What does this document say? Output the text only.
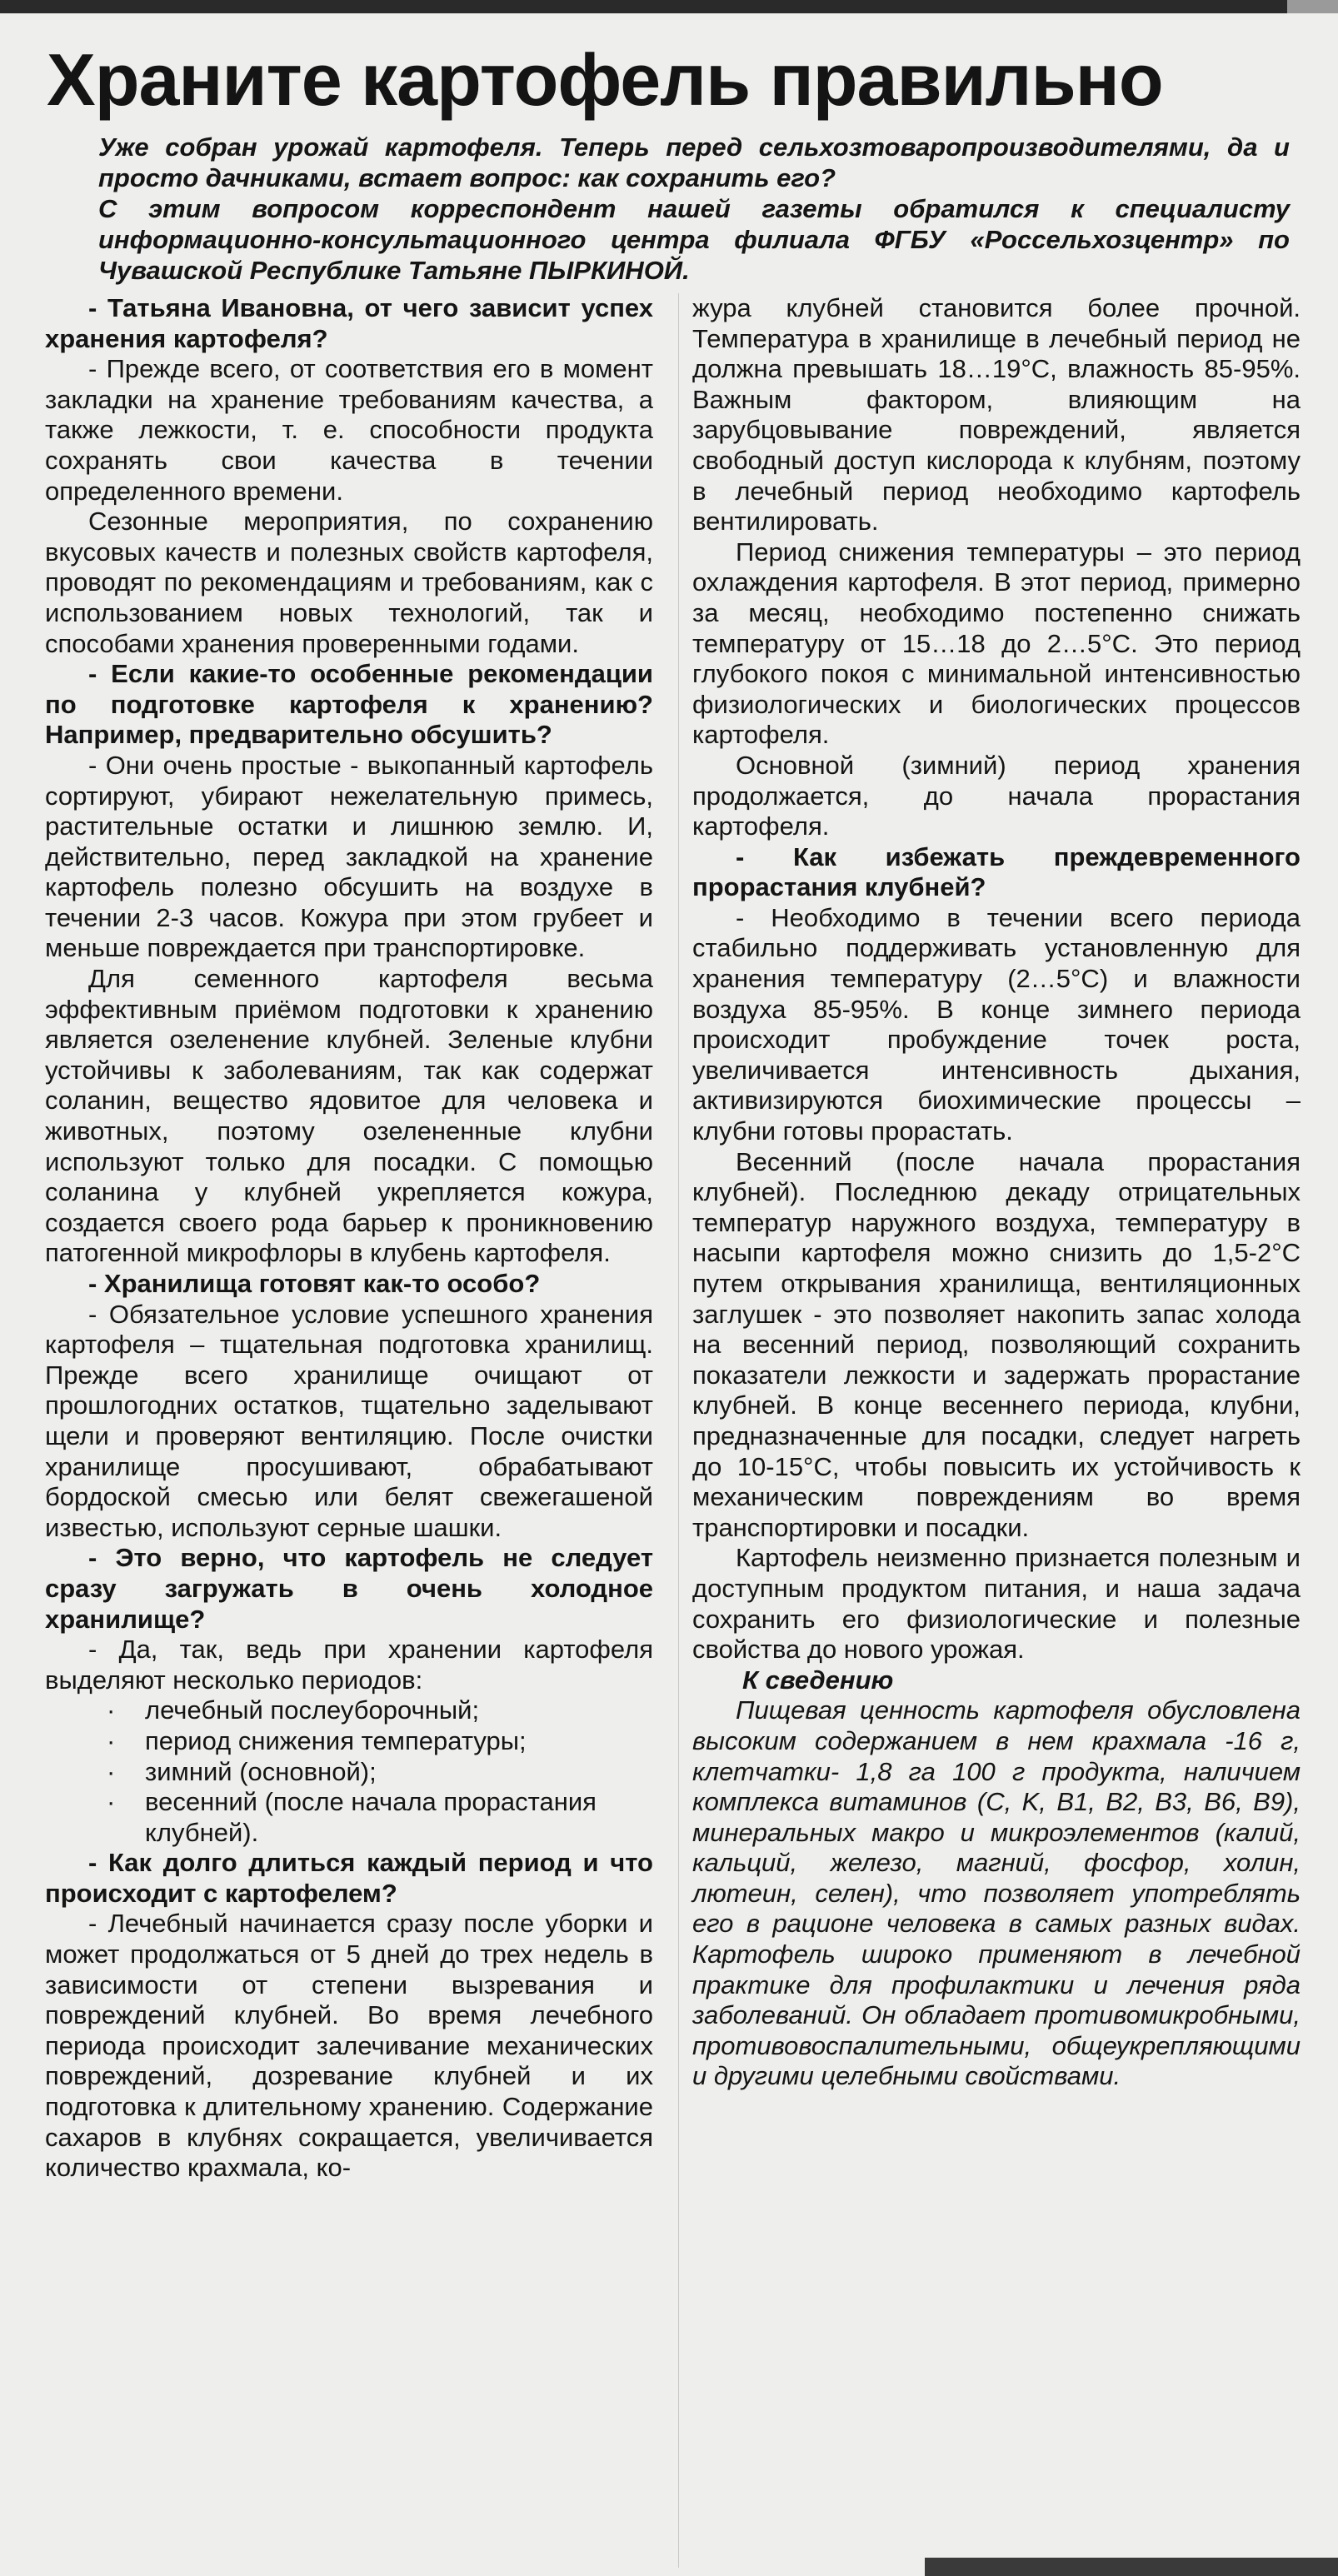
Храните картофель правильно

Уже собран урожай картофеля. Теперь перед сельхозтоваропроизводителями, да и просто дачниками, встает вопрос: как сохранить его?

С этим вопросом корреспондент нашей газеты обратился к специалисту информационно-консультационного центра филиала ФГБУ «Россельхозцентр» по Чувашской Республике Татьяне ПЫРКИНОЙ.

- Татьяна Ивановна, от чего зависит успех хранения картофеля?

- Прежде всего, от соответствия его в момент закладки на хранение требованиям качества, а также лежкости, т. е. способности продукта сохранять свои качества в течении определенного времени.

Сезонные мероприятия, по сохранению вкусовых качеств и полезных свойств картофеля, проводят по рекомендациям и требованиям, как с использованием новых технологий, так и способами хранения проверенными годами.

- Если какие-то особенные рекомендации по подготовке картофеля к хранению? Например, предварительно обсушить?

- Они очень простые - выкопанный картофель сортируют, убирают нежелательную примесь, растительные остатки и лишнюю землю. И, действительно, перед закладкой на хранение картофель полезно обсушить на воздухе в течении 2-3 часов. Кожура при этом грубеет и меньше повреждается при транспортировке.

Для семенного картофеля весьма эффективным приёмом подготовки к хранению является озеленение клубней. Зеленые клубни устойчивы к заболеваниям, так как содержат соланин, вещество ядовитое для человека и животных, поэтому озелененные клубни используют только для посадки. С помощью соланина у клубней укрепляется кожура, создается своего рода барьер к проникновению патогенной микрофлоры в клубень картофеля.

- Хранилища готовят как-то особо?

- Обязательное условие успешного хранения картофеля – тщательная подготовка хранилищ. Прежде всего хранилище очищают от прошлогодних остатков, тщательно заделывают щели и проверяют вентиляцию. После очистки хранилище просушивают, обрабатывают бордоской смесью или белят свежегашеной известью, используют серные шашки.

- Это верно, что картофель не следует сразу загружать в очень холодное хранилище?

- Да, так, ведь при хранении картофеля выделяют несколько периодов:

· лечебный послеуборочный;
· период снижения температуры;
· зимний (основной);
· весенний (после начала прорастания клубней).

- Как долго длиться каждый период и что происходит с картофелем?

- Лечебный начинается сразу после уборки и может продолжаться от 5 дней до трех недель в зависимости от степени вызревания и повреждений клубней. Во время лечебного периода происходит залечивание механических повреждений, дозревание клубней и их подготовка к длительному хранению. Содержание сахаров в клубнях сокращается, увеличивается количество крахмала, ко-

жура клубней становится более прочной. Температура в хранилище в лечебный период не должна превышать 18…19°C, влажность 85-95%. Важным фактором, влияющим на зарубцовывание повреждений, является свободный доступ кислорода к клубням, поэтому в лечебный период необходимо картофель вентилировать.

Период снижения температуры – это период охлаждения картофеля. В этот период, примерно за месяц, необходимо постепенно снижать температуру от 15…18 до 2…5°C. Это период глубокого покоя с минимальной интенсивностью физиологических и биологических процессов картофеля.

Основной (зимний) период хранения продолжается, до начала прорастания картофеля.

- Как избежать преждевременного прорастания клубней?

- Необходимо в течении всего периода стабильно поддерживать установленную для хранения температуру (2…5°C) и влажности воздуха 85-95%. В конце зимнего периода происходит пробуждение точек роста, увеличивается интенсивность дыхания, активизируются биохимические процессы – клубни готовы прорастать.

Весенний (после начала прорастания клубней). Последнюю декаду отрицательных температур наружного воздуха, температуру в насыпи картофеля можно снизить до 1,5-2°C путем открывания хранилища, вентиляционных заглушек - это позволяет накопить запас холода на весенний период, позволяющий сохранить показатели лежкости и задержать прорастание клубней. В конце весеннего периода, клубни, предназначенные для посадки, следует нагреть до 10-15°C, чтобы повысить их устойчивость к механическим повреждениям во время транспортировки и посадки.

Картофель неизменно признается полезным и доступным продуктом питания, и наша задача сохранить его физиологические и полезные свойства до нового урожая.

К сведению

Пищевая ценность картофеля обусловлена высоким содержанием в нем крахмала -16 г, клетчатки- 1,8 га 100 г продукта, наличием комплекса витаминов (C, K, B1, B2, B3, B6, B9), минеральных макро и микроэлементов (калий, кальций, железо, магний, фосфор, холин, лютеин, селен), что позволяет употреблять его в рационе человека в самых разных видах. Картофель широко применяют в лечебной практике для профилактики и лечения ряда заболеваний. Он обладает противомикробными, противовоспалительными, общеукрепляющими и другими целебными свойствами.
